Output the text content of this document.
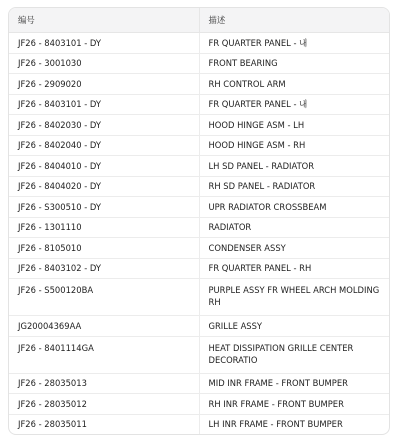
编号	描述
JF26 - 8403101 - DY	FR QUARTER PANEL - 내
JF26 - 3001030	FRONT BEARING
JF26 - 2909020	RH CONTROL ARM
JF26 - 8403101 - DY	FR QUARTER PANEL - 내
JF26 - 8402030 - DY	HOOD HINGE ASM - LH
JF26 - 8402040 - DY	HOOD HINGE ASM - RH
JF26 - 8404010 - DY	LH SD PANEL - RADIATOR
JF26 - 8404020 - DY	RH SD PANEL - RADIATOR
JF26 - S300510 - DY	UPR RADIATOR CROSSBEAM
JF26 - 1301110	RADIATOR
JF26 - 8105010	CONDENSER ASSY
JF26 - 8403102 - DY	FR QUARTER PANEL - RH
JF26 - S500120BA	PURPLE ASSY FR WHEEL ARCH MOLDING RH
JG20004369AA	GRILLE ASSY
JF26 - 8401114GA	HEAT DISSIPATION GRILLE CENTER DECORATIO
JF26 - 28035013	MID INR FRAME - FRONT BUMPER
JF26 - 28035012	RH INR FRAME - FRONT BUMPER
JF26 - 28035011	LH INR FRAME - FRONT BUMPER
